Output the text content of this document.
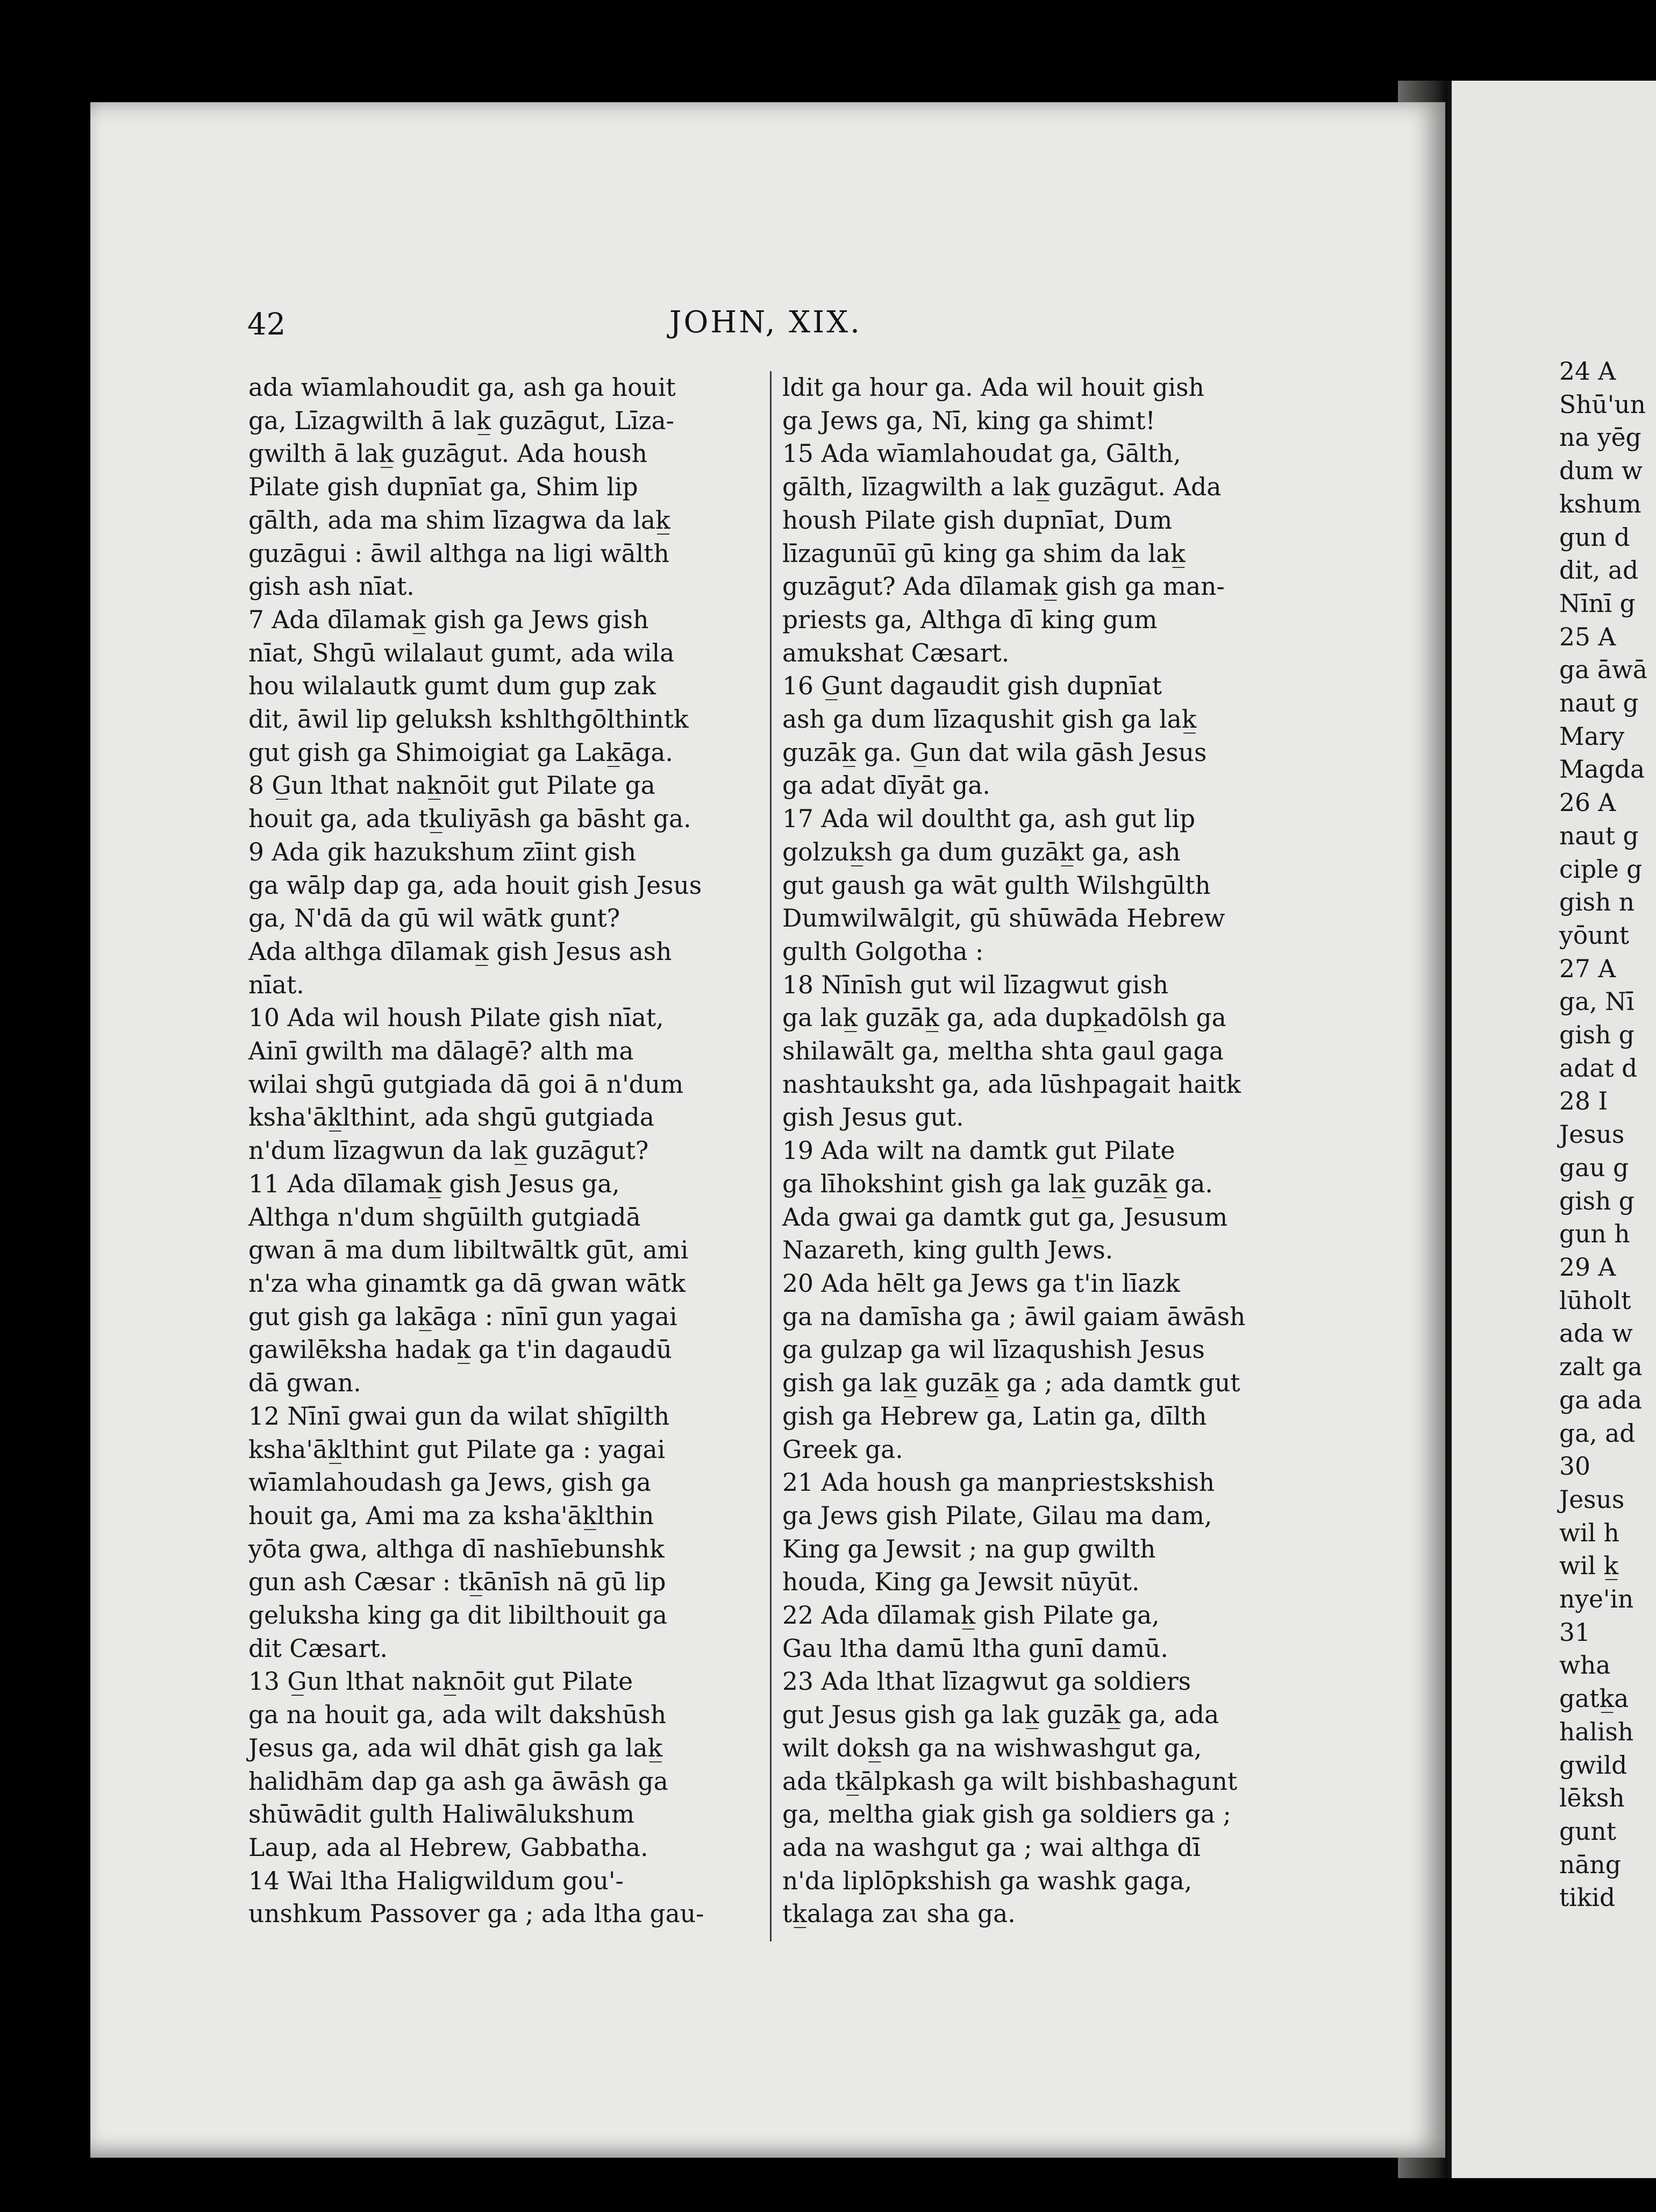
42	JOHN, XIX.
ada wīamlahoudit ga, ash ga houit
ga, Līzagwilth ā lak̲ guzāgut, Līza-
gwilth ā lak̲ guzāgut. Ada housh
Pilate gish dupnīat ga, Shim lip
gālth, ada ma shim līzagwa da lak̲
guzāgui : āwil althga na ligi wālth
gish ash nīat.
7 Ada dīlamak̲ gish ga Jews gish
nīat, Shgū wilalaut gumt, ada wila
hou wilalautk gumt dum gup zak
dit, āwil lip geluksh kshlthgōlthintk
gut gish ga Shimoigiat ga Lak̲āga.
8 G̲un lthat nak̲nōit gut Pilate ga
houit ga, ada tk̲uliyāsh ga bāsht ga.
9 Ada gik hazukshum zīint gish
ga wālp dap ga, ada houit gish Jesus
ga, N'dā da gū wil wātk gunt?
Ada althga dīlamak̲ gish Jesus ash
nīat.
10 Ada wil housh Pilate gish nīat,
Ainī gwilth ma dālagē? alth ma
wilai shgū gutgiada dā goi ā n'dum
ksha'āk̲lthint, ada shgū gutgiada
n'dum līzagwun da lak̲ guzāgut?
11 Ada dīlamak̲ gish Jesus ga,
Althga n'dum shgūilth gutgiadā
gwan ā ma dum libiltwāltk gūt, ami
n'za wha ginamtk ga dā gwan wātk
gut gish ga lak̲āga : nīnī gun yagai
gawilēksha hadak̲ ga t'in dagaudū
dā gwan.
12 Nīnī gwai gun da wilat shīgilth
ksha'āk̲lthint gut Pilate ga : yagai
wīamlahoudash ga Jews, gish ga
houit ga, Ami ma za ksha'āk̲lthin
yōta gwa, althga dī nashīebunshk
gun ash Cæsar : tk̲ānīsh nā gū lip
geluksha king ga dit libilthouit ga
dit Cæsart.
13 G̲un lthat nak̲nōit gut Pilate
ga na houit ga, ada wilt dakshūsh
Jesus ga, ada wil dhāt gish ga lak̲
halidhām dap ga ash ga āwāsh ga
shūwādit gulth Haliwālukshum
Laup, ada al Hebrew, Gabbatha.
14 Wai ltha Haligwildum gou'-
unshkum Passover ga ; ada ltha gau-
ldit ga hour ga. Ada wil houit gish
ga Jews ga, Nī, king ga shimt!
15 Ada wīamlahoudat ga, Gālth,
gālth, līzagwilth a lak̲ guzāgut. Ada
housh Pilate gish dupnīat, Dum
līzagunūī gū king ga shim da lak̲
guzāgut? Ada dīlamak̲ gish ga man-
priests ga, Althga dī king gum
amukshat Cæsart.
16 G̲unt dagaudit gish dupnīat
ash ga dum līzaqushit gish ga lak̲
guzāk̲ ga. G̲un dat wila gāsh Jesus
ga adat dīyāt ga.
17 Ada wil doultht ga, ash gut lip
golzuk̲sh ga dum guzāk̲t ga, ash
gut gaush ga wāt gulth Wilshgūlth
Dumwilwālgit, gū shūwāda Hebrew
gulth Golgotha :
18 Nīnīsh gut wil līzagwut gish
ga lak̲ guzāk̲ ga, ada dupk̲adōlsh ga
shilawālt ga, meltha shta gaul gaga
nashtauksht ga, ada lūshpagait haitk
gish Jesus gut.
19 Ada wilt na damtk gut Pilate
ga līhokshint gish ga lak̲ guzāk̲ ga.
Ada gwai ga damtk gut ga, Jesusum
Nazareth, king gulth Jews.
20 Ada hēlt ga Jews ga t'in līazk
ga na damīsha ga ; āwil gaiam āwāsh
ga gulzap ga wil līzaqushish Jesus
gish ga lak̲ guzāk̲ ga ; ada damtk gut
gish ga Hebrew ga, Latin ga, dīlth
Greek ga.
21 Ada housh ga manpriestskshish
ga Jews gish Pilate, Gilau ma dam,
King ga Jewsit ; na gup gwilth
houda, King ga Jewsit nūyūt.
22 Ada dīlamak̲ gish Pilate ga,
Gau ltha damū ltha gunī damū.
23 Ada lthat līzagwut ga soldiers
gut Jesus gish ga lak̲ guzāk̲ ga, ada
wilt dok̲sh ga na wishwashgut ga,
ada tk̲ālpkash ga wilt bishbashagunt
ga, meltha giak gish ga soldiers ga ;
ada na washgut ga ; wai althga dī
n'da liplōpkshish ga washk gaga,
tk̲alaga zaɩ sha ga.
24 A
Shū'un
na yēg
dum w
kshum
gun d
dit, ad
Nīnī g
25 A
ga āwā
naut g
Mary
Magda
26 A
naut g
ciple g
gish n
yōunt
27 A
ga, Nī
gish g
adat d
28 I
Jesus
gau g
gish g
gun h
29 A
lūholt
ada w
zalt ga
ga ada
ga, ad
30
Jesus
wil h
wil k̲
nye'in
31
wha
gatk̲a
halish
gwild
lēksh
gunt
nāng
tikid
